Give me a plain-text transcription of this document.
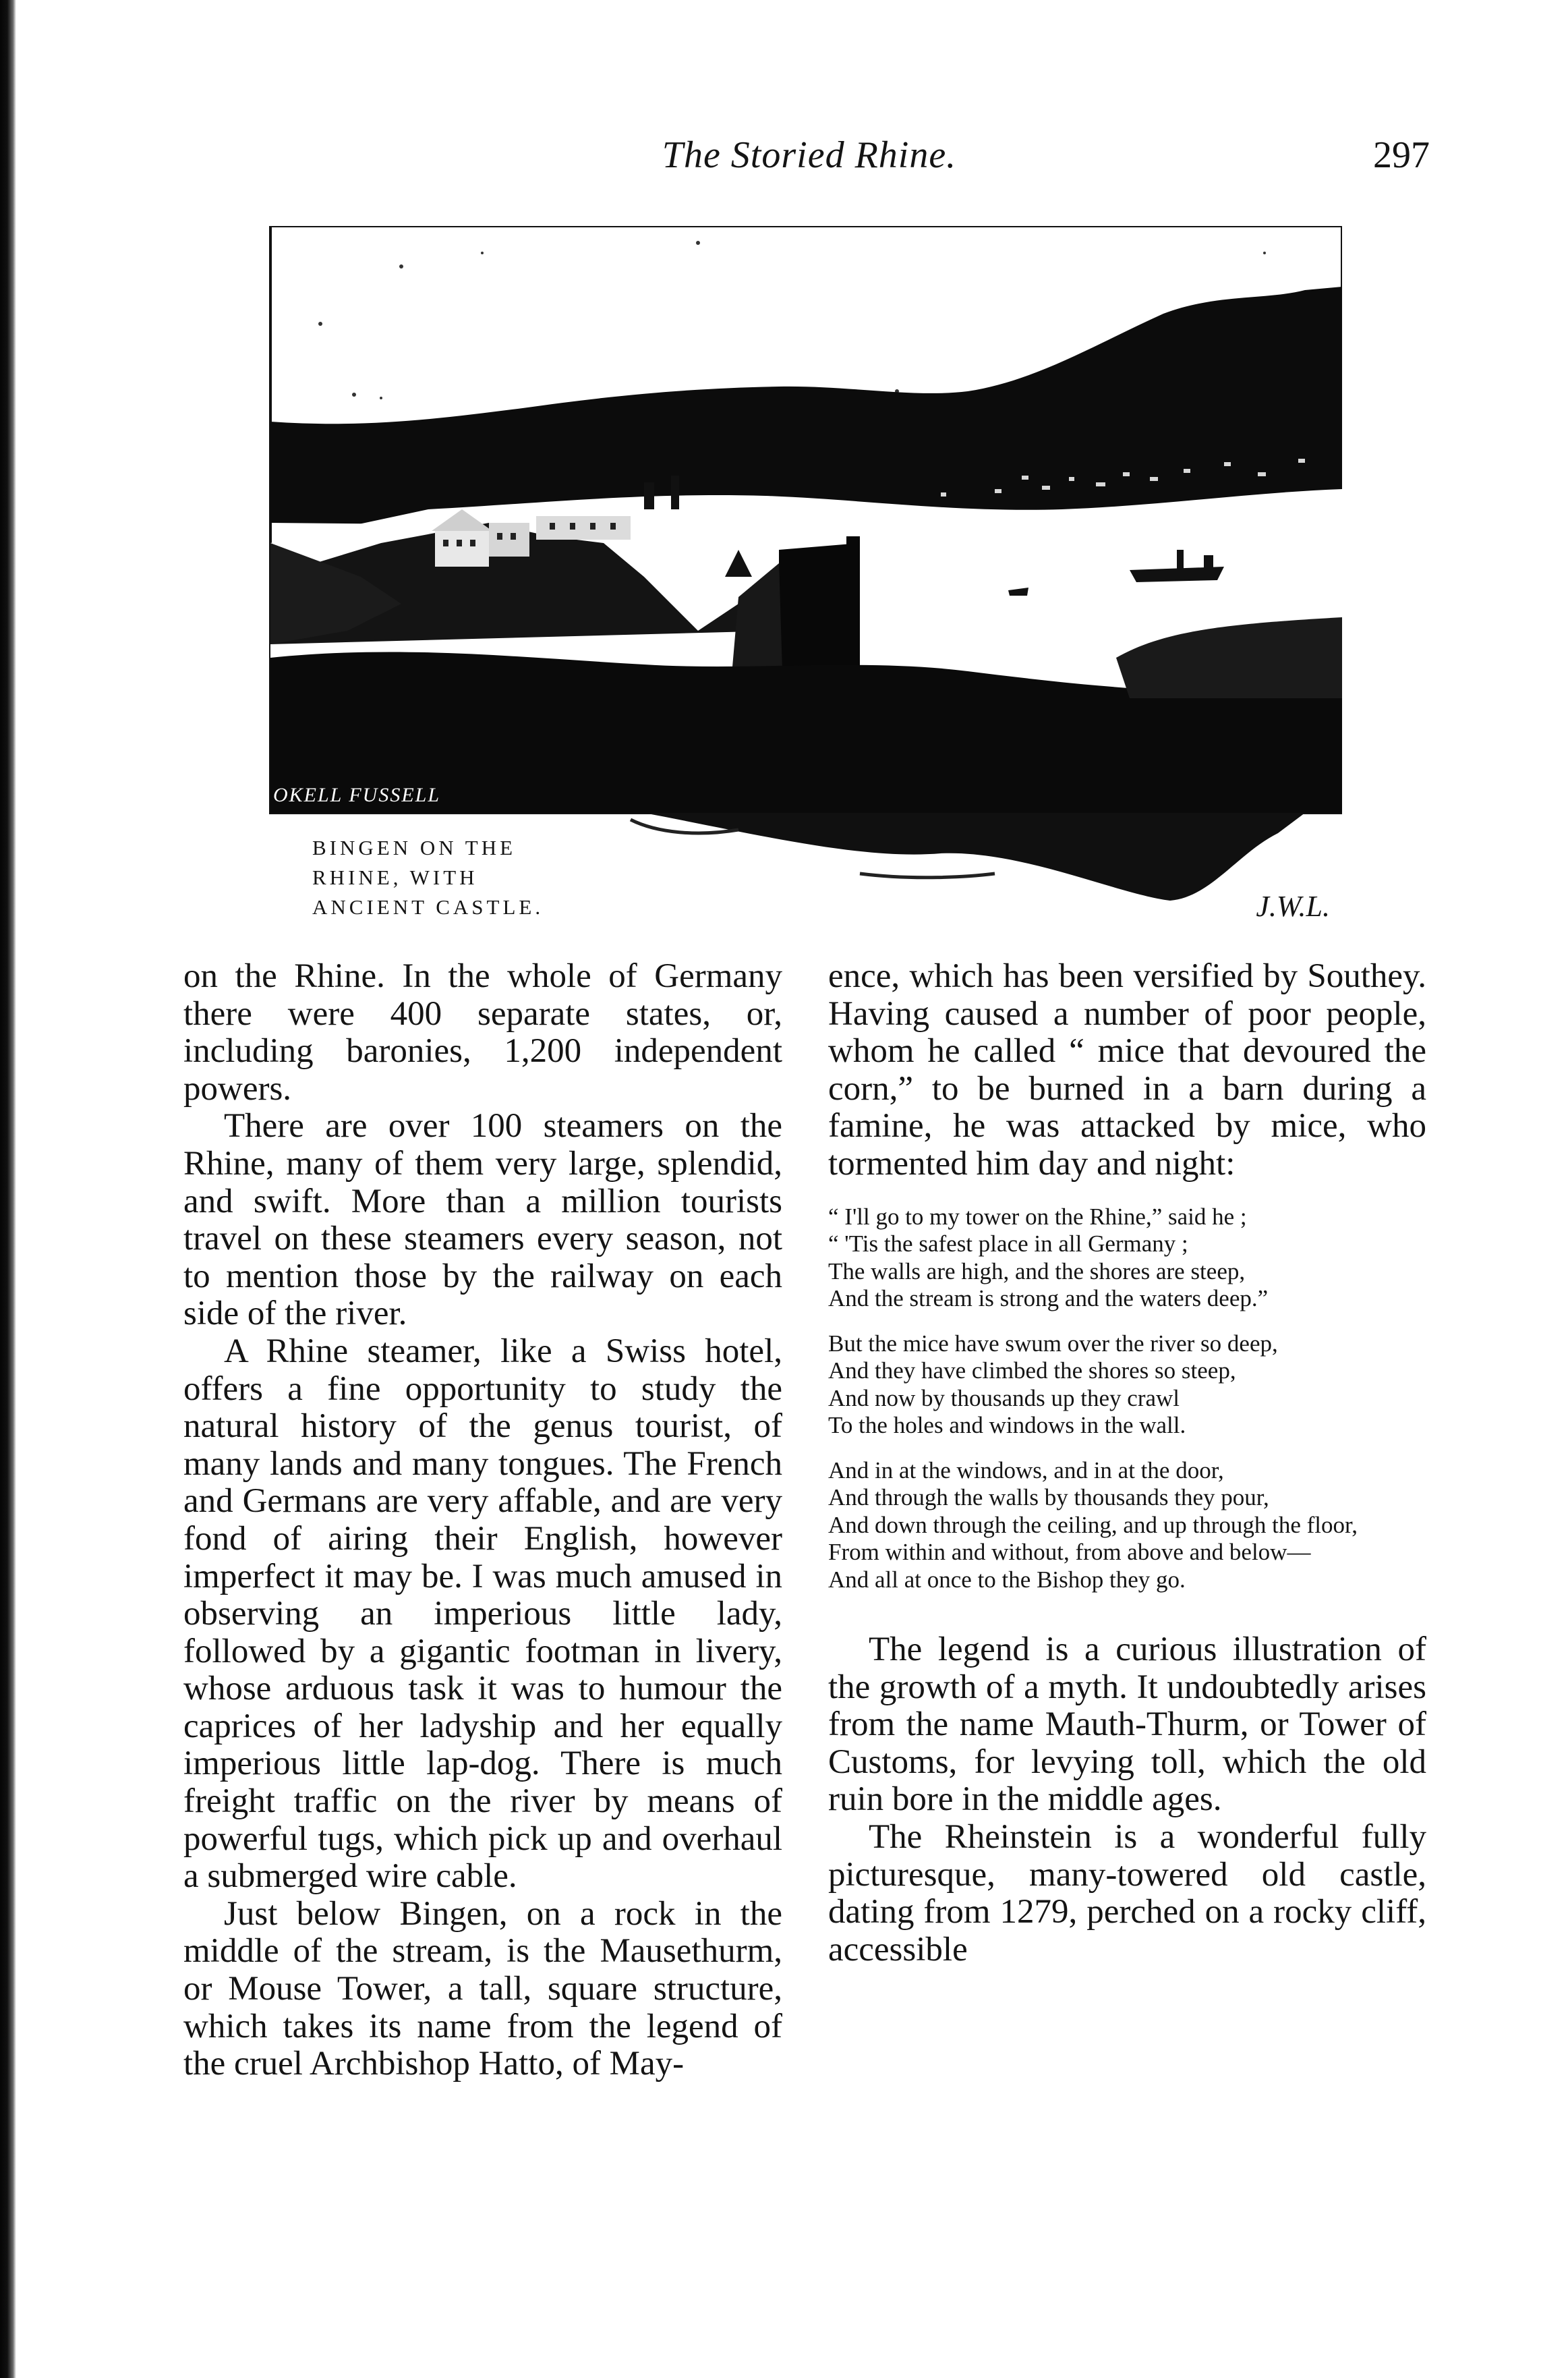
The Storied Rhine.	297
OKELL FUSSELL
BINGEN ON THE
RHINE, WITH
ANCIENT CASTLE.	J.W.L.

on the Rhine. In the whole of Germany there were 400 separate states, or, including baronies, 1,200 independent powers.

There are over 100 steamers on the Rhine, many of them very large, splendid, and swift. More than a million tourists travel on these steamers every season, not to mention those by the railway on each side of the river.

A Rhine steamer, like a Swiss hotel, offers a fine opportunity to study the natural history of the genus tourist, of many lands and many tongues. The French and Germans are very affable, and are very fond of airing their English, however imperfect it may be. I was much amused in observing an imperious little lady, followed by a gigantic footman in livery, whose arduous task it was to humour the caprices of her ladyship and her equally imperious little lap-dog. There is much freight traffic on the river by means of powerful tugs, which pick up and overhaul a submerged wire cable.

Just below Bingen, on a rock in the middle of the stream, is the Mausethurm, or Mouse Tower, a tall, square structure, which takes its name from the legend of the cruel Archbishop Hatto, of May-

ence, which has been versified by Southey. Having caused a number of poor people, whom he called “ mice that devoured the corn,” to be burned in a barn during a famine, he was attacked by mice, who tormented him day and night:

“ I'll go to my tower on the Rhine,” said he ;
“ 'Tis the safest place in all Germany ;
The walls are high, and the shores are steep,
And the stream is strong and the waters deep.”

But the mice have swum over the river so deep,
And they have climbed the shores so steep,
And now by thousands up they crawl
To the holes and windows in the wall.

And in at the windows, and in at the door,
And through the walls by thousands they pour,
And down through the ceiling, and up through the floor,
From within and without, from above and below—
And all at once to the Bishop they go.

The legend is a curious illustration of the growth of a myth. It undoubtedly arises from the name Mauth-Thurm, or Tower of Customs, for levying toll, which the old ruin bore in the middle ages.

The Rheinstein is a wonderful fully picturesque, many-towered old castle, dating from 1279, perched on a rocky cliff, accessible
